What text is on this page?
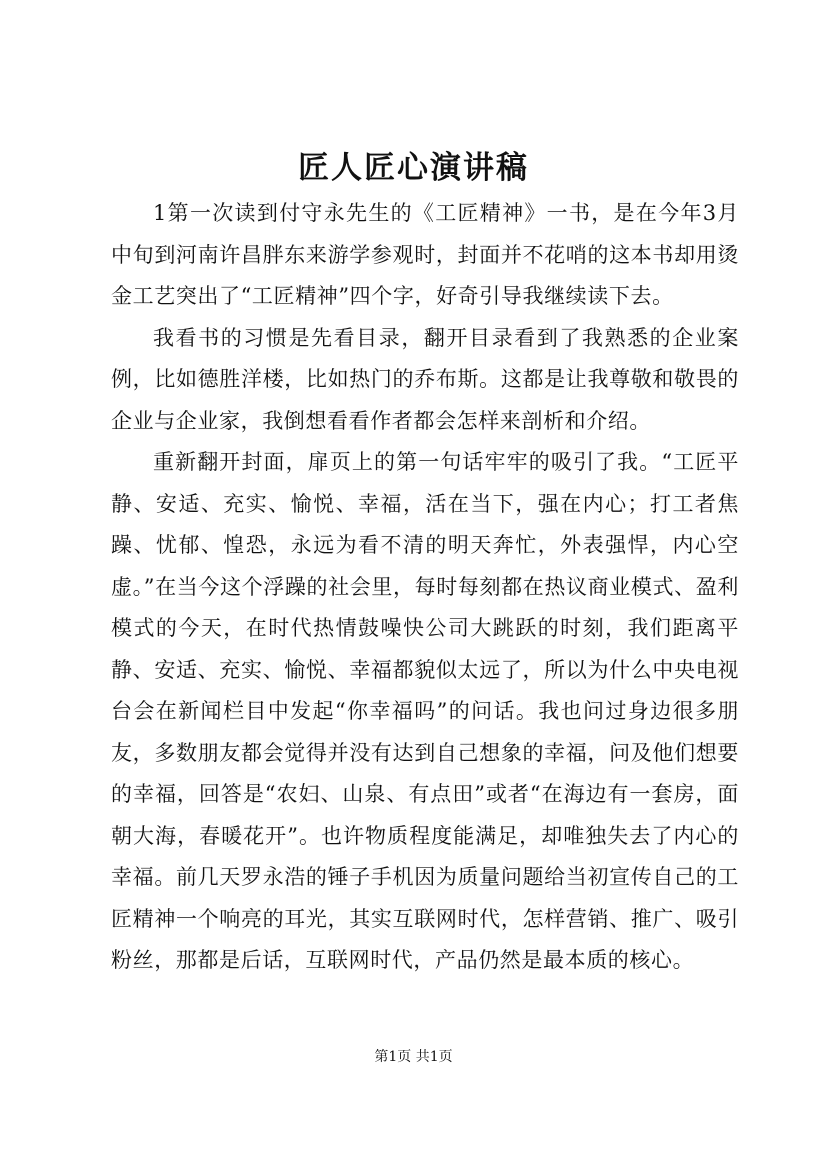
匠人匠心演讲稿

1第一次读到付守永先生的《工匠精神》一书，是在今年3月中旬到河南许昌胖东来游学参观时，封面并不花哨的这本书却用烫金工艺突出了“工匠精神”四个字，好奇引导我继续读下去。

我看书的习惯是先看目录，翻开目录看到了我熟悉的企业案例，比如德胜洋楼，比如热门的乔布斯。这都是让我尊敬和敬畏的企业与企业家，我倒想看看作者都会怎样来剖析和介绍。

重新翻开封面，扉页上的第一句话牢牢的吸引了我。“工匠平静、安适、充实、愉悦、幸福，活在当下，强在内心；打工者焦躁、忧郁、惶恐，永远为看不清的明天奔忙，外表强悍，内心空虚。”在当今这个浮躁的社会里，每时每刻都在热议商业模式、盈利模式的今天，在时代热情鼓噪快公司大跳跃的时刻，我们距离平静、安适、充实、愉悦、幸福都貌似太远了，所以为什么中央电视台会在新闻栏目中发起“你幸福吗”的问话。我也问过身边很多朋友，多数朋友都会觉得并没有达到自己想象的幸福，问及他们想要的幸福，回答是“农妇、山泉、有点田”或者“在海边有一套房，面朝大海，春暖花开”。也许物质程度能满足，却唯独失去了内心的幸福。前几天罗永浩的锤子手机因为质量问题给当初宣传自己的工匠精神一个响亮的耳光，其实互联网时代，怎样营销、推广、吸引粉丝，那都是后话，互联网时代，产品仍然是最本质的核心。

第1页 共1页
